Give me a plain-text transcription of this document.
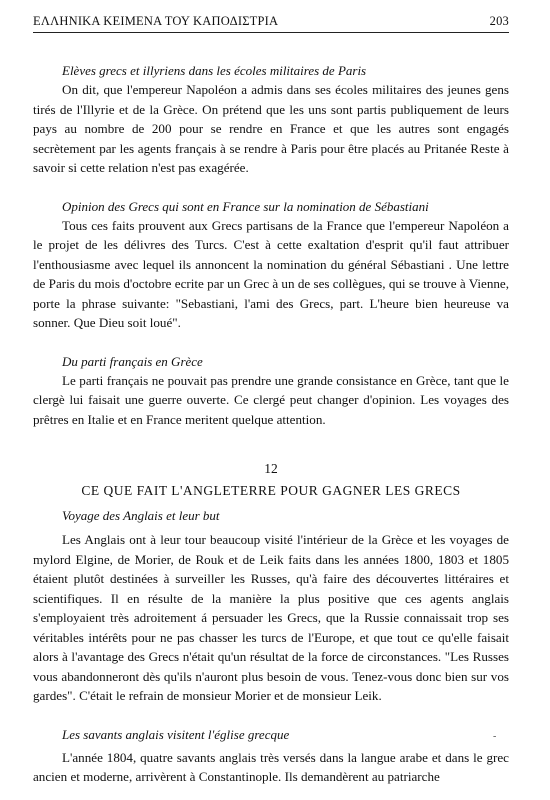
ΕΛΛΗΝΙΚΑ ΚΕΙΜΕΝΑ ΤΟΥ ΚΑΠΟΔΙΣΤΡΙΑ	203
Elèves grecs et illyriens dans les écoles militaires de Paris

On dit, que l'empereur Napoléon a admis dans ses écoles militaires des jeunes gens tirés de l'Illyrie et de la Grèce. On prétend que les uns sont partis publiquement de leurs pays au nombre de 200 pour se rendre en France et que les autres sont engagés secrètement par les agents français à se rendre à Paris pour être placés au Pritanée Reste à savoir si cette relation n'est pas exagérée.

Opinion des Grecs qui sont en France sur la nomination de Sébastiani

Tous ces faits prouvent aux Grecs partisans de la France que l'empereur Napoléon a le projet de les délivres des Turcs. C'est à cette exaltation d'esprit qu'il faut attribuer l'enthousiasme avec lequel ils annoncent la nomination du général Sébastiani . Une lettre de Paris du mois d'octobre ecrite par un Grec à un de ses collègues, qui se trouve à Vienne, porte la phrase suivante: "Sebastiani, l'ami des Grecs, part. L'heure bien heureuse va sonner. Que Dieu soit loué".

Du parti français en Grèce

Le parti français ne pouvait pas prendre une grande consistance en Grèce, tant que le clergè lui faisait une guerre ouverte. Ce clergé peut changer d'opinion. Les voyages des prêtres en Italie et en France meritent quelque attention.

12
CE QUE FAIT L'ANGLETERRE POUR GAGNER LES GRECS
Voyage des Anglais et leur but

Les Anglais ont à leur tour beaucoup visité l'intérieur de la Grèce et les voyages de mylord Elgine, de Morier, de Rouk et de Leik faits dans les années 1800, 1803 et 1805 étaient plutôt destinées à surveiller les Russes, qu'à faire des découvertes littéraires et scientifiques. Il en résulte de la manière la plus positive que ces agents anglais s'employaient très adroitement á persuader les Grecs, que la Russie connaissait trop ses véritables intérêts pour ne pas chasser les turcs de l'Europe, et que tout ce qu'elle faisait alors à l'avantage des Grecs n'était qu'un résultat de la force de circonstances. "Les Russes vous abandonneront dès qu'ils n'auront plus besoin de vous. Tenez-vous donc bien sur vos gardes". C'était le refrain de monsieur Morier et de monsieur Leik.

Les savants anglais visitent l'église grecque

L'année 1804, quatre savants anglais très versés dans la langue arabe et dans le grec ancien et moderne, arrivèrent à Constantinople. Ils demandèrent au patriarche

-
